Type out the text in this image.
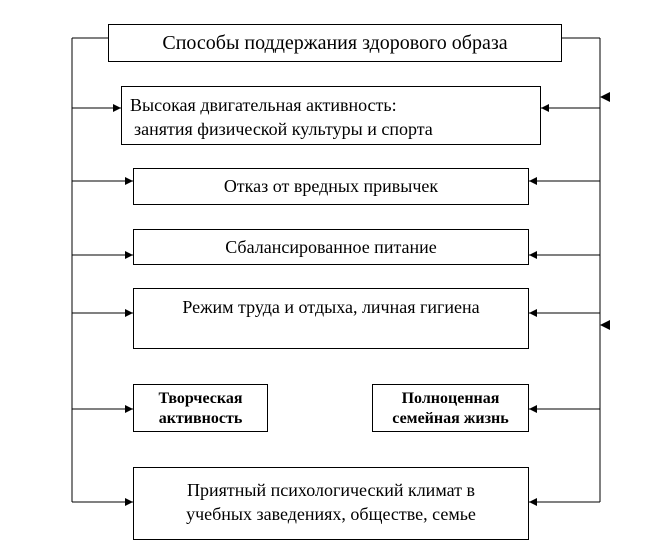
Способы поддержания здорового образа
Высокая двигательная активность:
занятия физической культуры и спорта
Отказ от вредных привычек
Сбалансированное питание
Режим труда и отдыха, личная гигиена
Творческая
активность
Полноценная
семейная жизнь
Приятный психологический климат в
учебных заведениях, обществе, семье
